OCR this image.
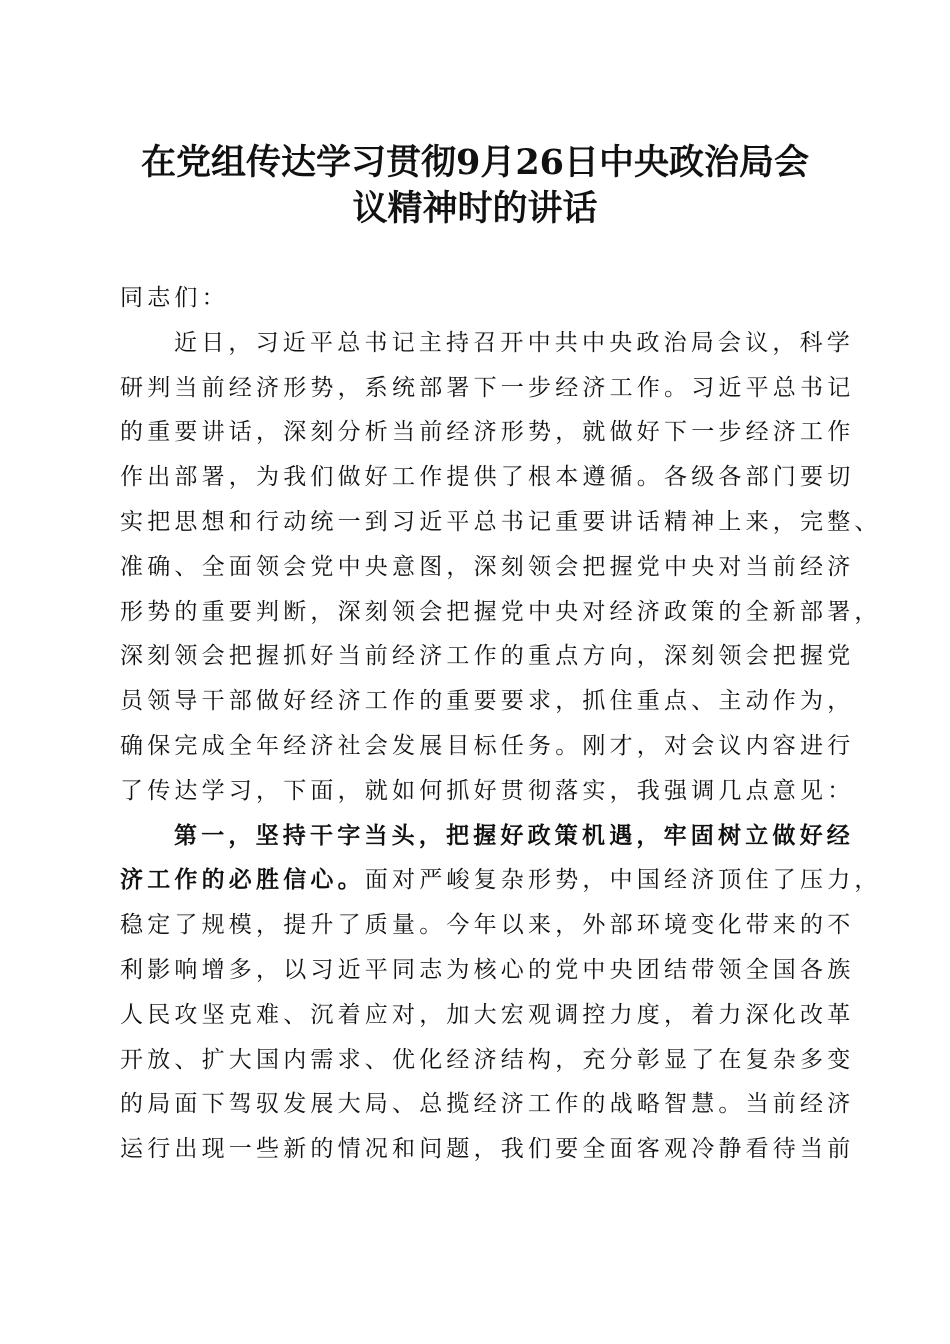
在党组传达学习贯彻9月26日中央政治局会
议精神时的讲话
同志们：
近日，习近平总书记主持召开中共中央政治局会议，科学
研判当前经济形势，系统部署下一步经济工作。习近平总书记
的重要讲话，深刻分析当前经济形势，就做好下一步经济工作
作出部署，为我们做好工作提供了根本遵循。各级各部门要切
实把思想和行动统一到习近平总书记重要讲话精神上来，完整、
准确、全面领会党中央意图，深刻领会把握党中央对当前经济
形势的重要判断，深刻领会把握党中央对经济政策的全新部署，
深刻领会把握抓好当前经济工作的重点方向，深刻领会把握党
员领导干部做好经济工作的重要要求，抓住重点、主动作为，
确保完成全年经济社会发展目标任务。刚才，对会议内容进行
了传达学习，下面，就如何抓好贯彻落实，我强调几点意见：
第一，坚持干字当头，把握好政策机遇，牢固树立做好经
济工作的必胜信心。面对严峻复杂形势，中国经济顶住了压力，
稳定了规模，提升了质量。今年以来，外部环境变化带来的不
利影响增多，以习近平同志为核心的党中央团结带领全国各族
人民攻坚克难、沉着应对，加大宏观调控力度，着力深化改革
开放、扩大国内需求、优化经济结构，充分彰显了在复杂多变
的局面下驾驭发展大局、总揽经济工作的战略智慧。当前经济
运行出现一些新的情况和问题，我们要全面客观冷静看待当前
